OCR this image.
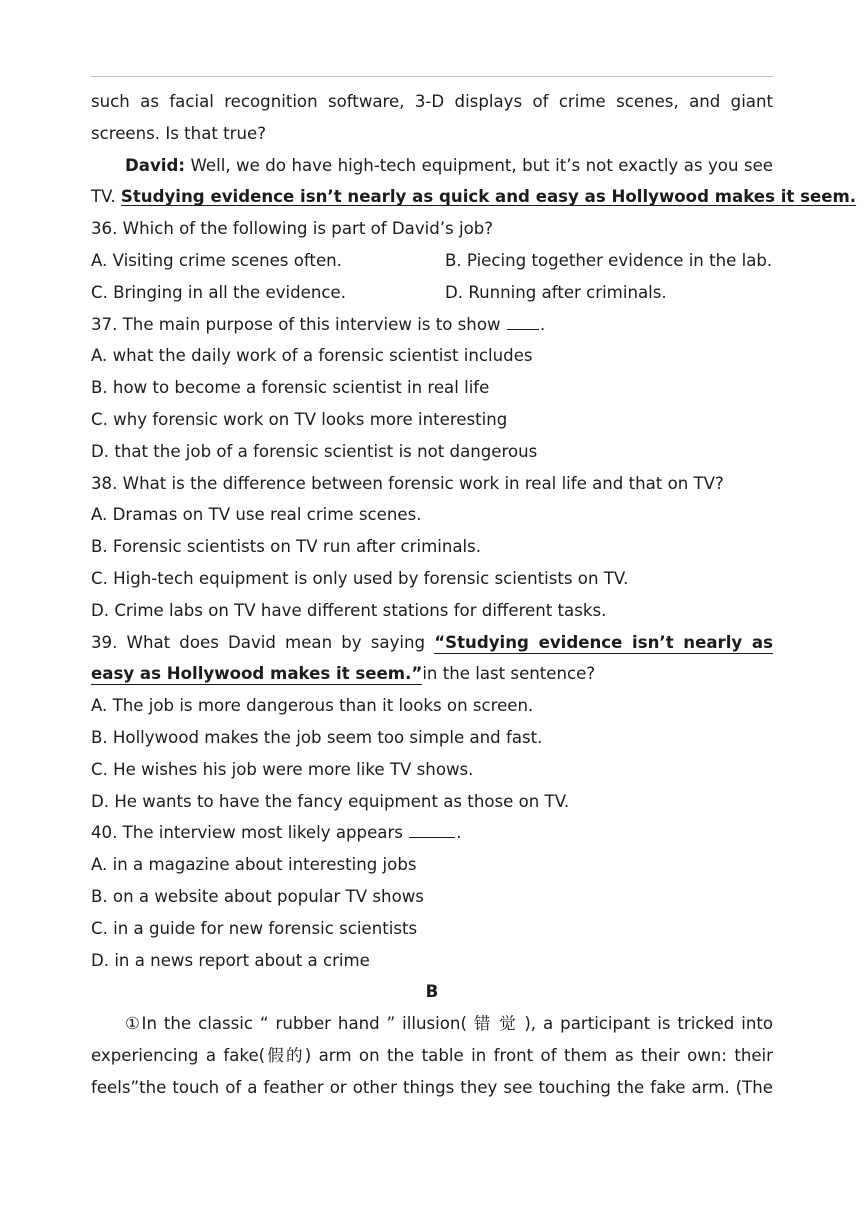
such as facial recognition software, 3-D displays of crime scenes, and giant
screens. Is that true?
David: Well, we do have high-tech equipment, but it’s not exactly as you see
TV. Studying evidence isn’t nearly as quick and easy as Hollywood makes it seem.
36. Which of the following is part of David’s job?
A. Visiting crime scenes often.	B. Piecing together evidence in the lab.
C. Bringing in all the evidence.	D. Running after criminals.
37. The main purpose of this interview is to show .
A. what the daily work of a forensic scientist includes
B. how to become a forensic scientist in real life
C. why forensic work on TV looks more interesting
D. that the job of a forensic scientist is not dangerous
38. What is the difference between forensic work in real life and that on TV?
A. Dramas on TV use real crime scenes.
B. Forensic scientists on TV run after criminals.
C. High-tech equipment is only used by forensic scientists on TV.
D. Crime labs on TV have different stations for different tasks.
39. What does David mean by saying “Studying evidence isn’t nearly as
easy as Hollywood makes it seem.”in the last sentence?
A. The job is more dangerous than it looks on screen.
B. Hollywood makes the job seem too simple and fast.
C. He wishes his job were more like TV shows.
D. He wants to have the fancy equipment as those on TV.
40. The interview most likely appears	.
A. in a magazine about interesting jobs
B. on a website about popular TV shows
C. in a guide for new forensic scientists
D. in a news report about a crime
B
①In the classic “ rubber hand ” illusion( 错 觉 ), a participant is tricked into
experiencing a fake(假的) arm on the table in front of them as their own: their
feels”the touch of a feather or other things they see touching the fake arm. (The
